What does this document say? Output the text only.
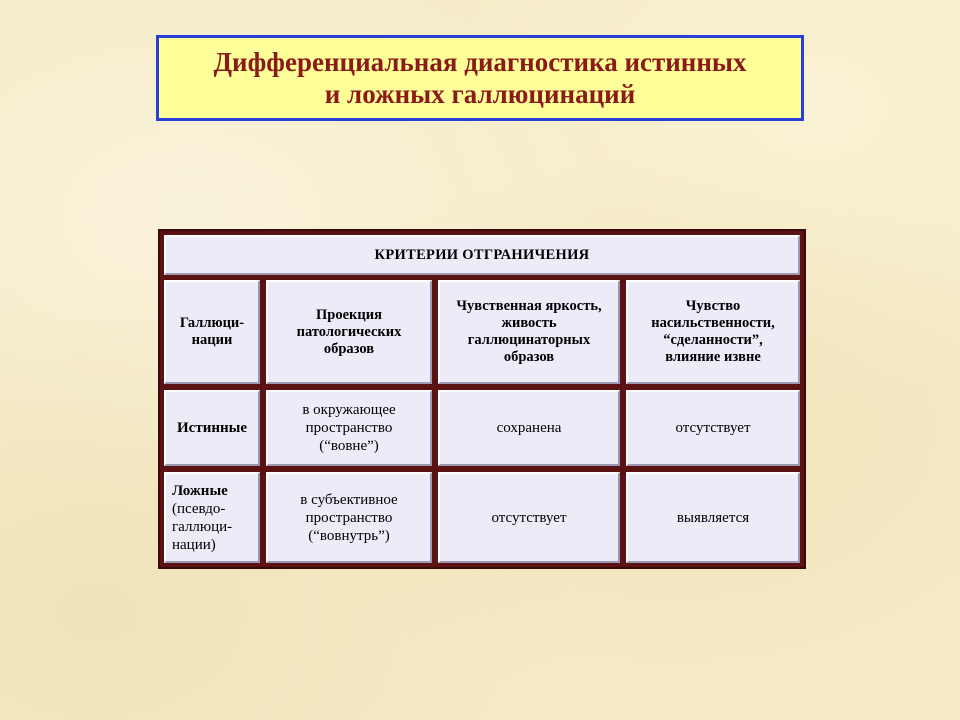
Дифференциальная диагностика истинных
и ложных галлюцинаций
КРИТЕРИИ ОТГРАНИЧЕНИЯ
Галлюци-нации
Проекция патологических образов
Чувственная яркость, живость галлюцинаторных образов
Чувство насильственности, “сделанности”, влияние извне
Истинные
в окружающее пространство (“вовне”)
сохранена	отсутствует
Ложные
(псевдо-галлюци-нации)
в субъективное пространство (“вовнутрь”)
отсутствует	выявляется
